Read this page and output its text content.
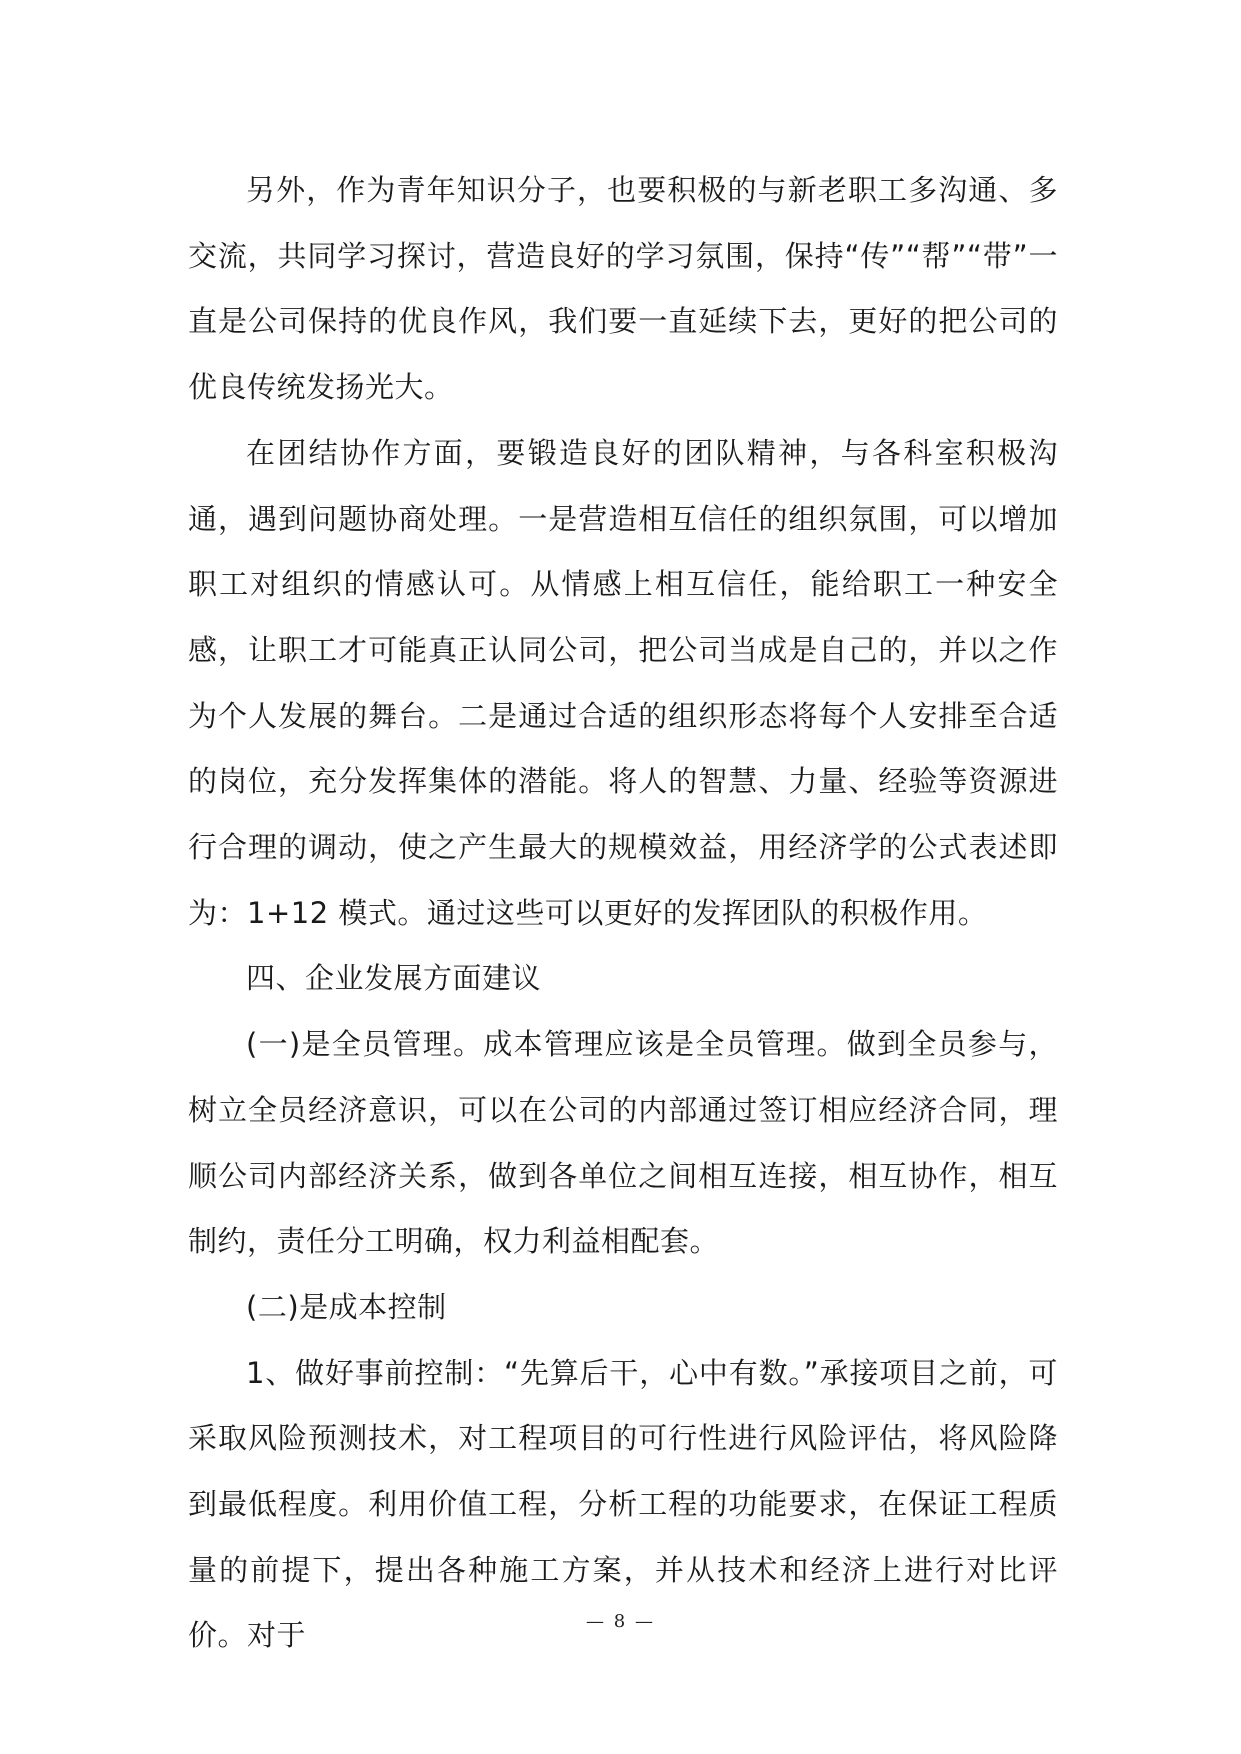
另外，作为青年知识分子，也要积极的与新老职工多沟通、多交流，共同学习探讨，营造良好的学习氛围，保持“传”“帮”“带”一直是公司保持的优良作风，我们要一直延续下去，更好的把公司的优良传统发扬光大。

在团结协作方面，要锻造良好的团队精神，与各科室积极沟通，遇到问题协商处理。一是营造相互信任的组织氛围，可以增加职工对组织的情感认可。从情感上相互信任，能给职工一种安全感，让职工才可能真正认同公司，把公司当成是自己的，并以之作为个人发展的舞台。二是通过合适的组织形态将每个人安排至合适的岗位，充分发挥集体的潜能。将人的智慧、力量、经验等资源进行合理的调动，使之产生最大的规模效益，用经济学的公式表述即为：1+12 模式。通过这些可以更好的发挥团队的积极作用。

四、企业发展方面建议

(一)是全员管理。成本管理应该是全员管理。做到全员参与，树立全员经济意识，可以在公司的内部通过签订相应经济合同，理顺公司内部经济关系，做到各单位之间相互连接，相互协作，相互制约，责任分工明确，权力利益相配套。

(二)是成本控制

1、做好事前控制：“先算后干，心中有数。”承接项目之前，可采取风险预测技术，对工程项目的可行性进行风险评估，将风险降到最低程度。利用价值工程，分析工程的功能要求，在保证工程质量的前提下，提出各种施工方案，并从技术和经济上进行对比评价。对于	— 8 —
